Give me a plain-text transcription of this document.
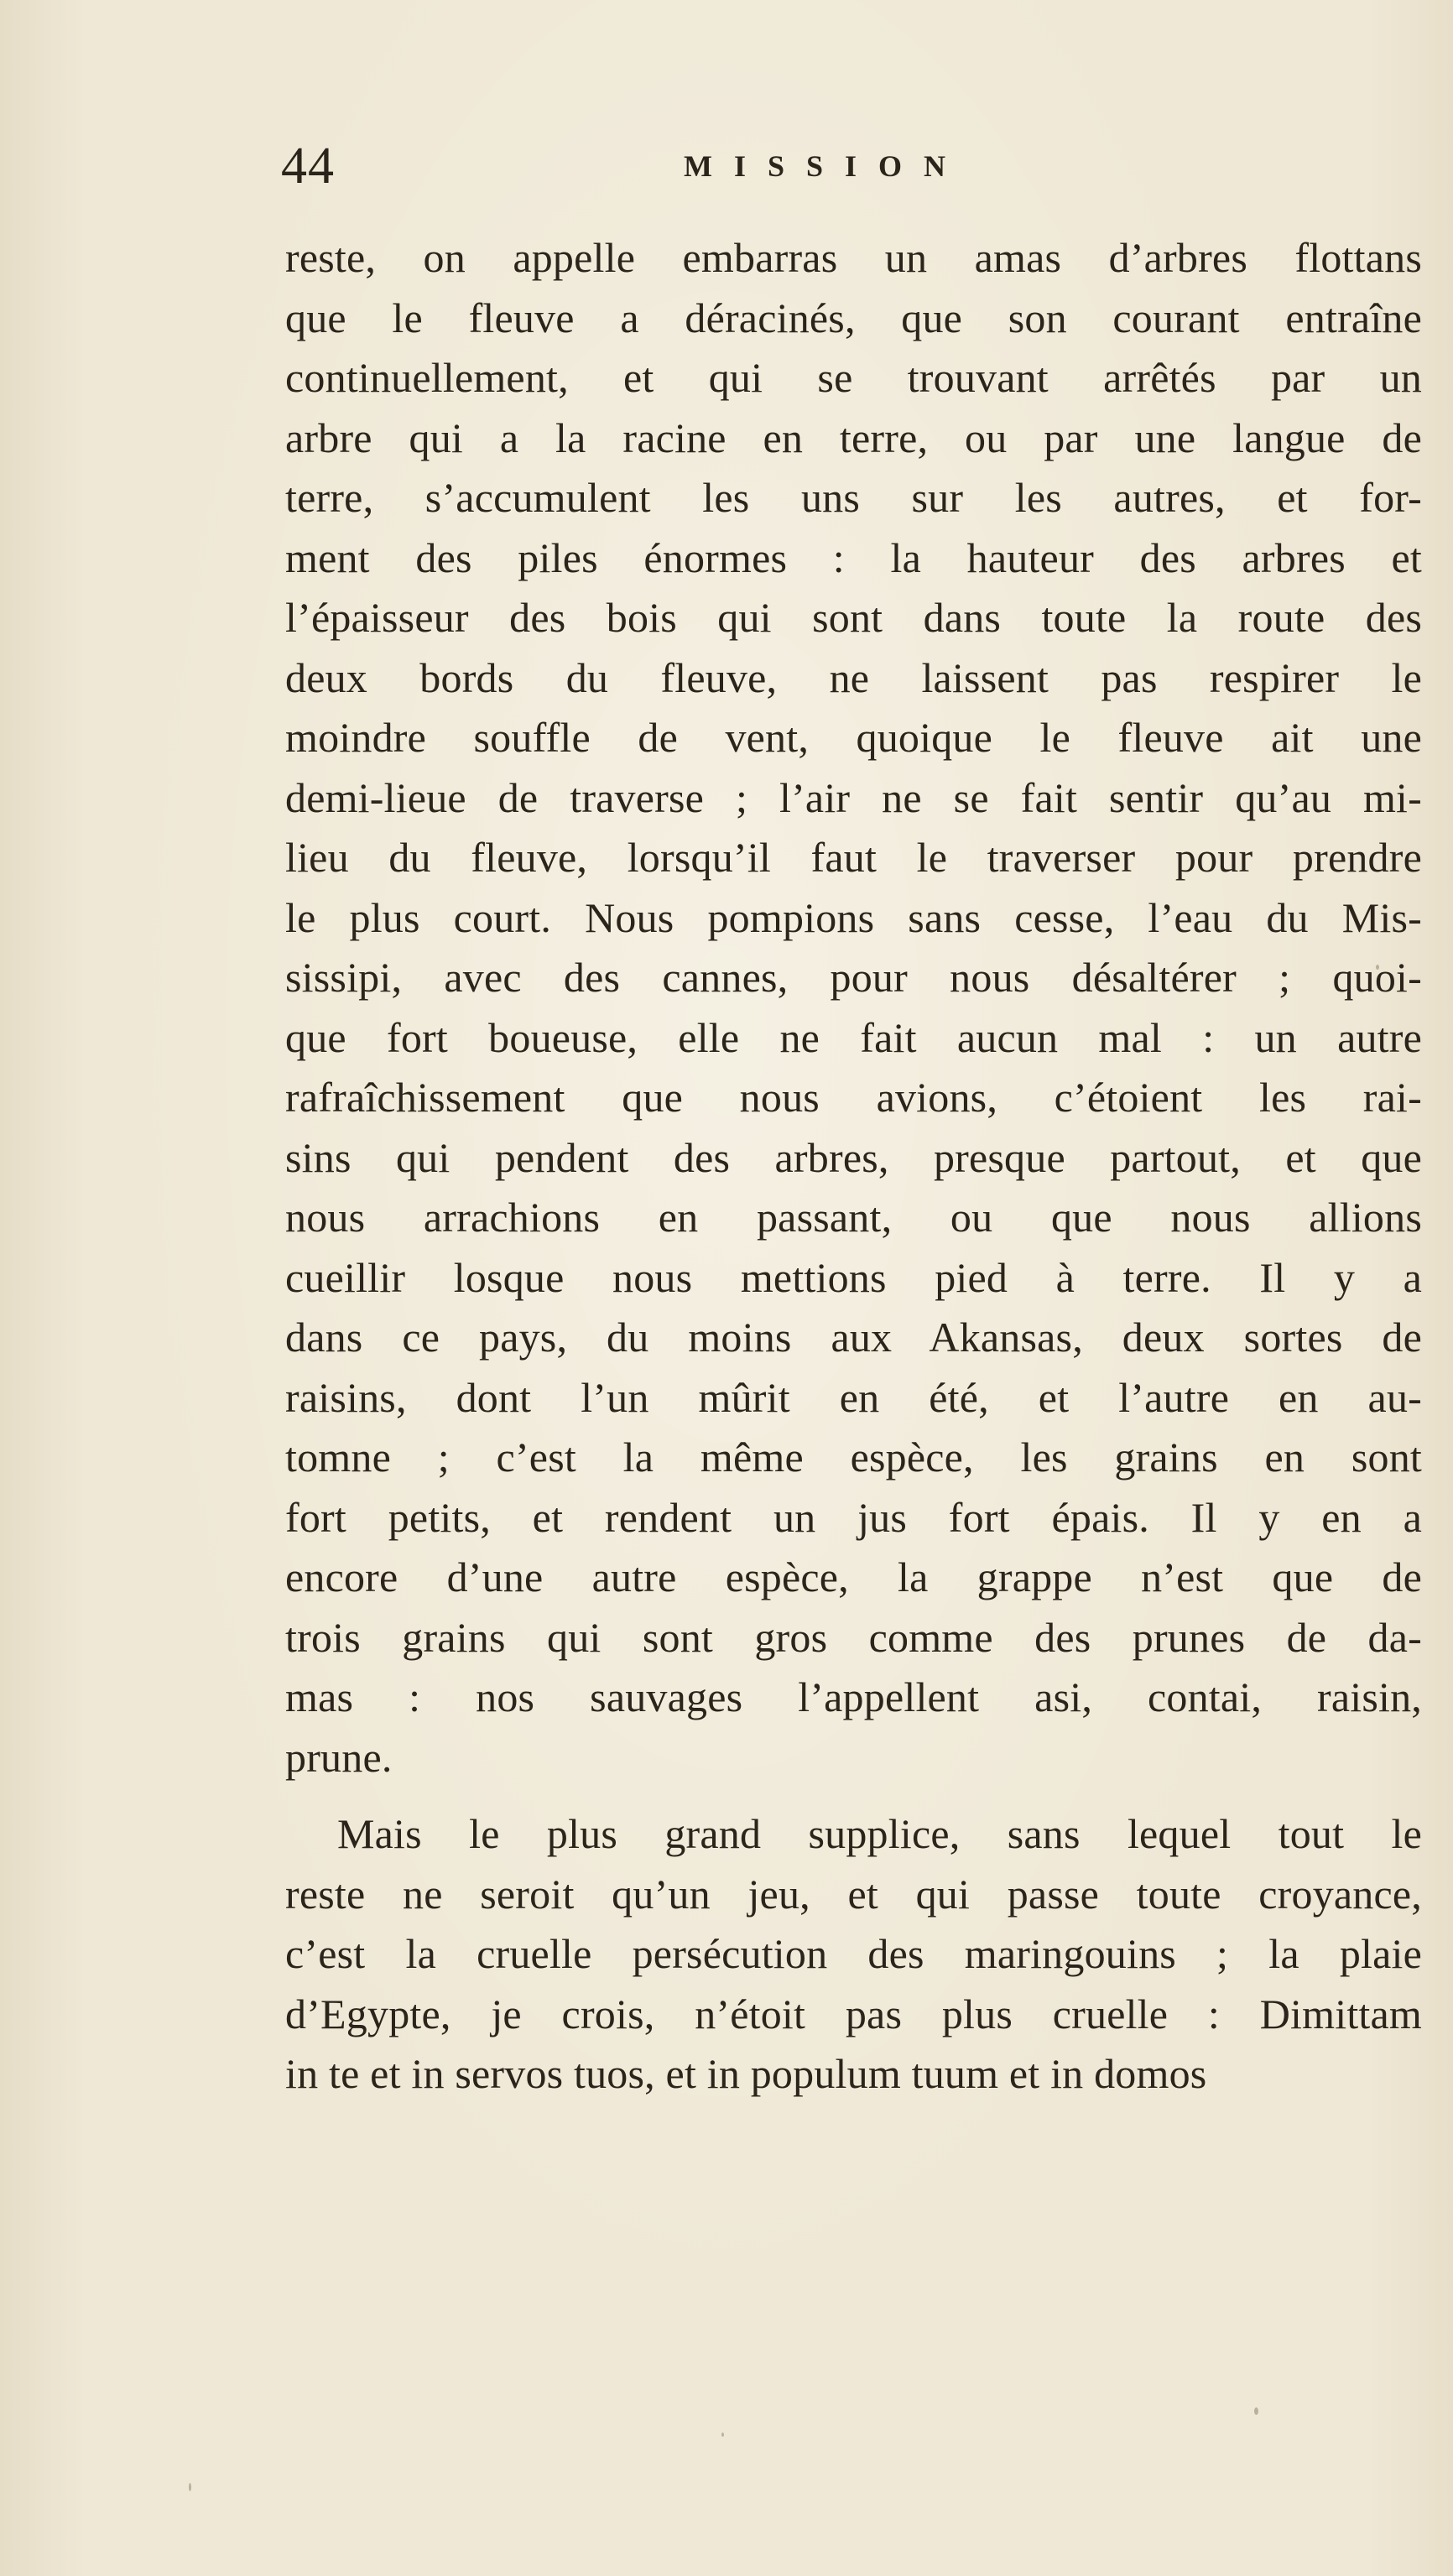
44	MISSION
reste, on appelle embarras un amas d’arbres flottans
que le fleuve a déracinés, que son courant entraîne
continuellement, et qui se trouvant arrêtés par un
arbre qui a la racine en terre, ou par une langue de
terre, s’accumulent les uns sur les autres, et for-
ment des piles énormes : la hauteur des arbres et
l’épaisseur des bois qui sont dans toute la route des
deux bords du fleuve, ne laissent pas respirer le
moindre souffle de vent, quoique le fleuve ait une
demi-lieue de traverse ; l’air ne se fait sentir qu’au mi-
lieu du fleuve, lorsqu’il faut le traverser pour prendre
le plus court. Nous pompions sans cesse, l’eau du Mis-
sissipi, avec des cannes, pour nous désaltérer ; quoi-
que fort boueuse, elle ne fait aucun mal : un autre
rafraîchissement que nous avions, c’étoient les rai-
sins qui pendent des arbres, presque partout, et que
nous arrachions en passant, ou que nous allions
cueillir losque nous mettions pied à terre. Il y a
dans ce pays, du moins aux Akansas, deux sortes de
raisins, dont l’un mûrit en été, et l’autre en au-
tomne ; c’est la même espèce, les grains en sont
fort petits, et rendent un jus fort épais. Il y en a
encore d’une autre espèce, la grappe n’est que de
trois grains qui sont gros comme des prunes de da-
mas : nos sauvages l’appellent asi, contai, raisin,
prune.
Mais le plus grand supplice, sans lequel tout le
reste ne seroit qu’un jeu, et qui passe toute croyance,
c’est la cruelle persécution des maringouins ; la plaie
d’Egypte, je crois, n’étoit pas plus cruelle : Dimittam
in te et in servos tuos, et in populum tuum et in domos
